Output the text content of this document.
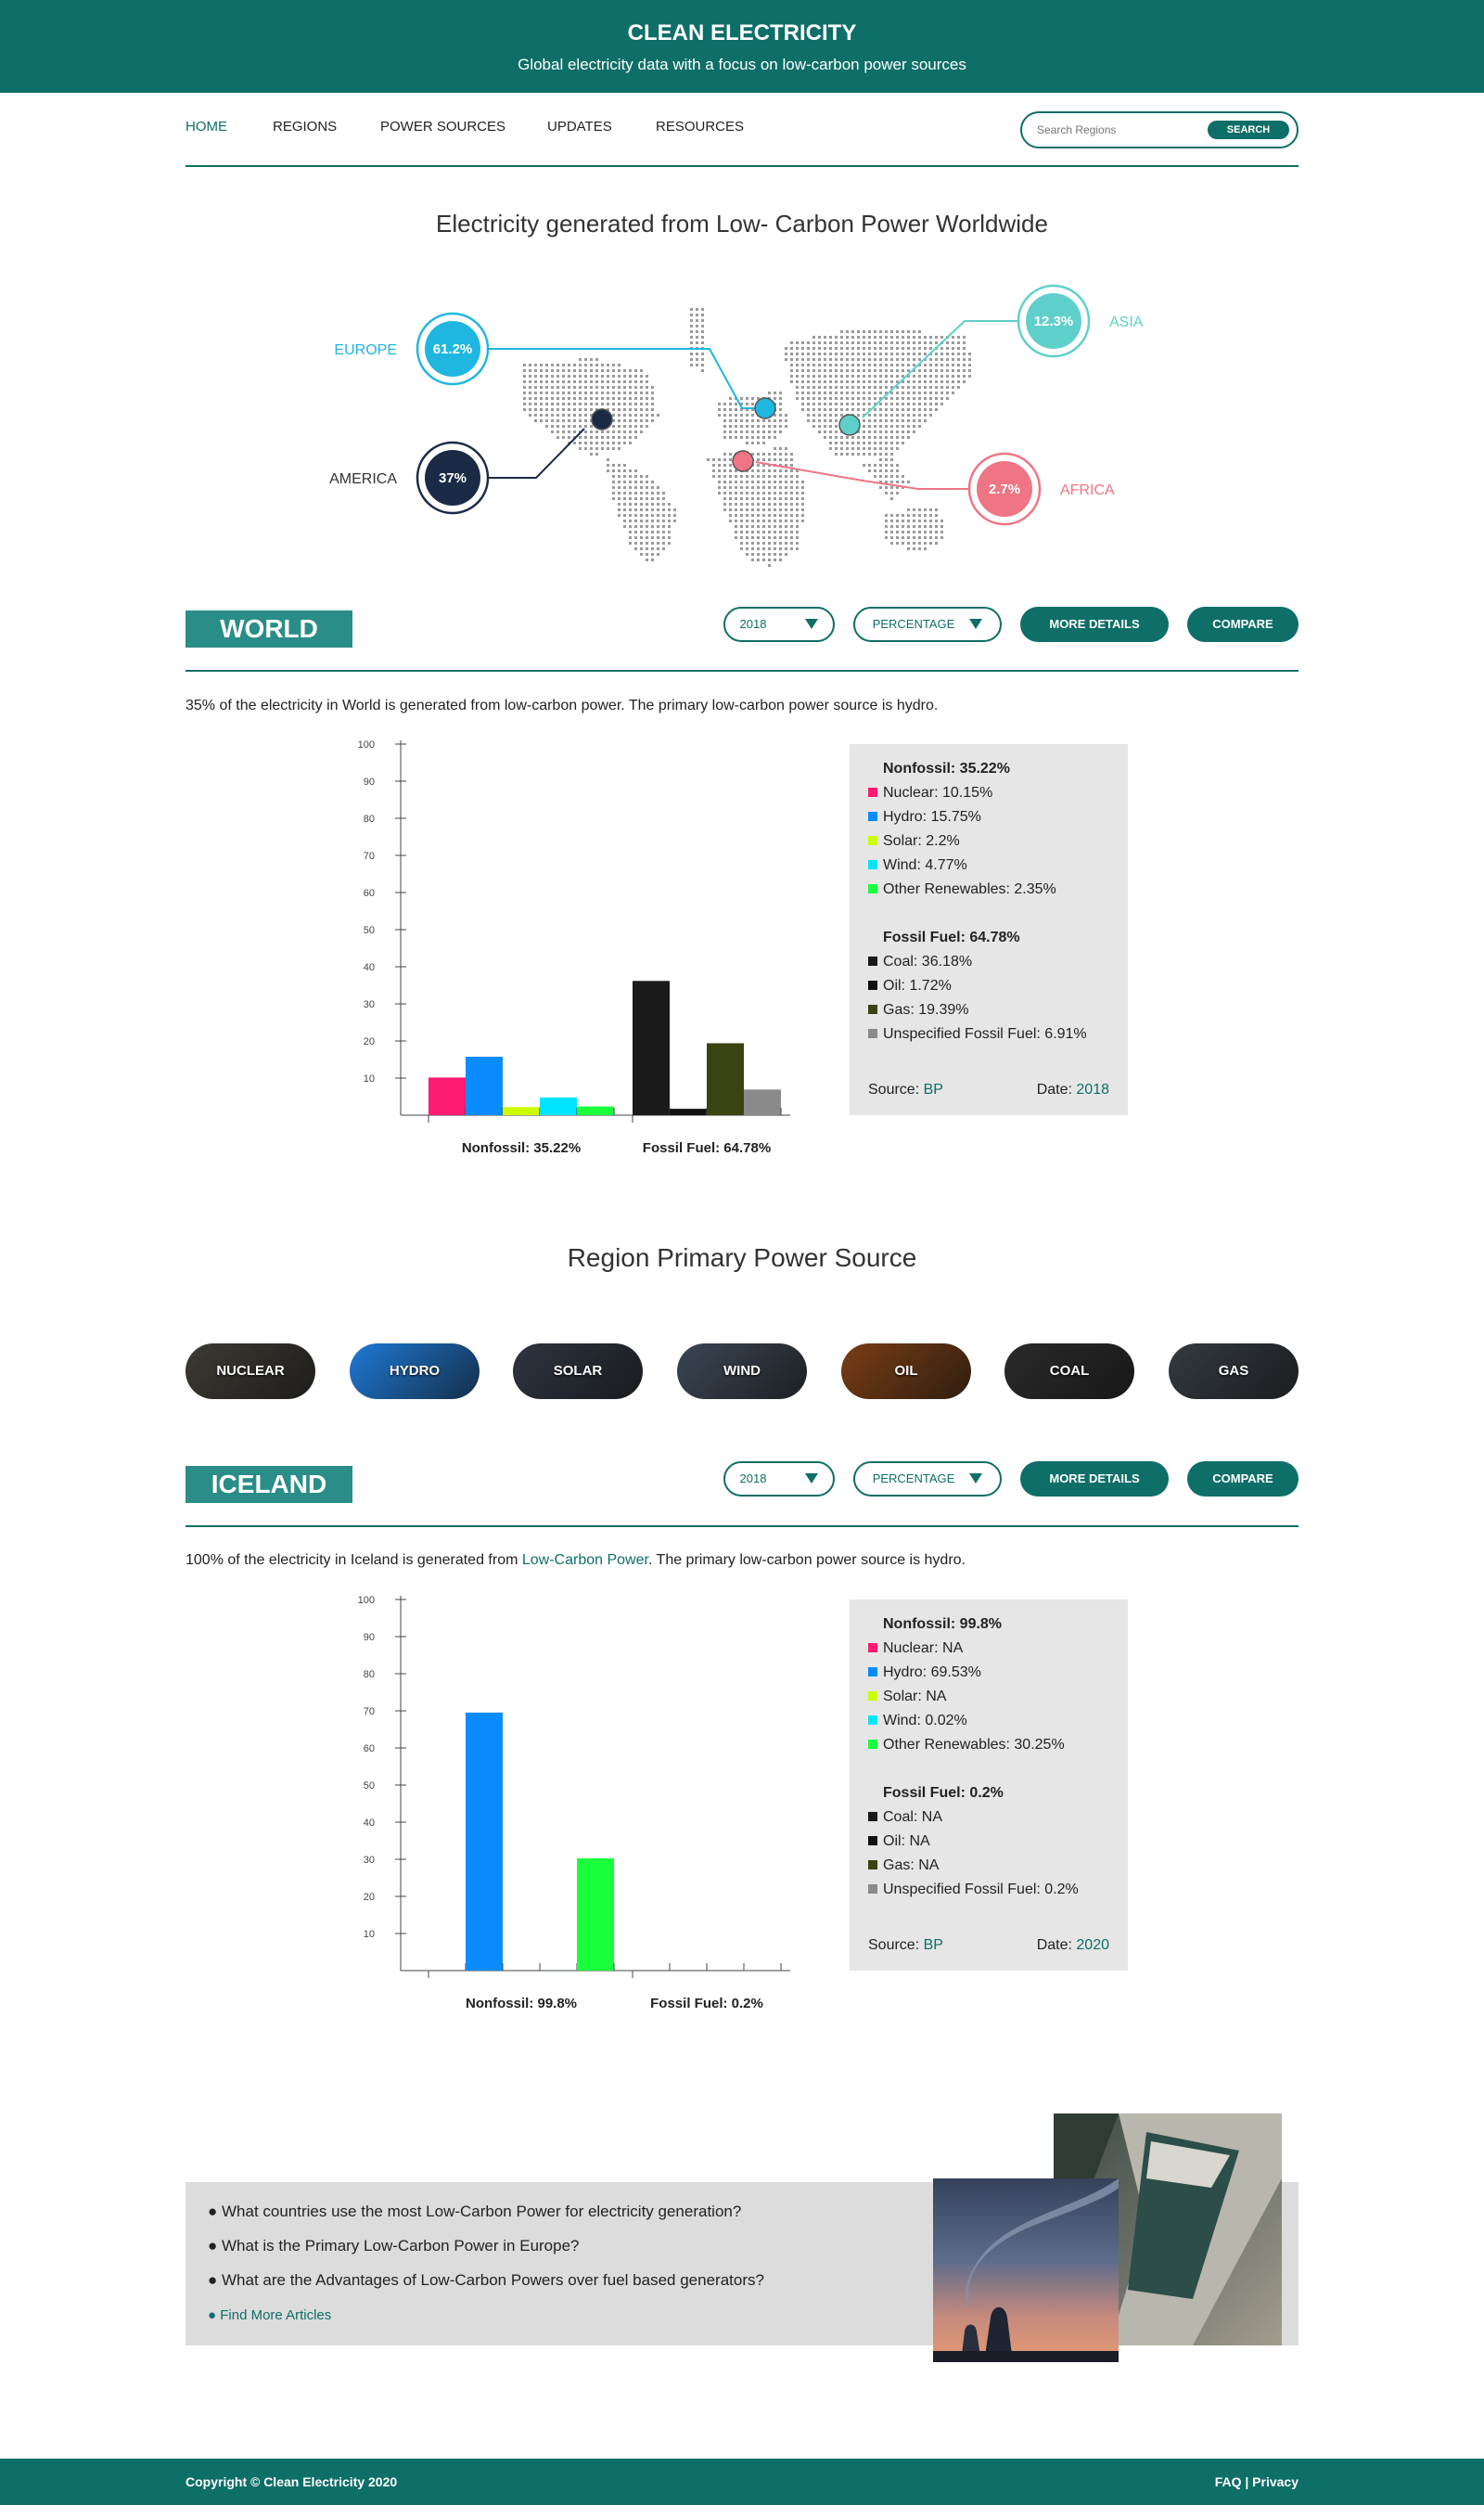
CLEAN ELECTRICITY
Global electricity data with a focus on low-carbon power sources
HOME	REGIONS	POWER SOURCES	UPDATES	RESOURCES
Search Regions	SEARCH
Electricity generated from Low- Carbon Power Worldwide
61.2%
EUROPE
37%
AMERICA
12.3% ASIA
2.7%	AFRICA
WORLD	2018	PERCENTAGE	MORE DETAILS	COMPARE
35% of the electricity in World is generated from low-carbon power. The primary low-carbon power source is hydro.
10
20
30
40
50
60
70
80
90
100
Nonfossil: 35.22%	Fossil Fuel: 64.78%
Nonfossil: 35.22%
Nuclear: 10.15%
Hydro: 15.75%
Solar: 2.2%
Wind: 4.77%
Other Renewables: 2.35%
Fossil Fuel: 64.78%
Coal: 36.18%
Oil: 1.72%
Gas: 19.39%
Unspecified Fossil Fuel: 6.91%
Source: BP	Date: 2018
Region Primary Power Source
NUCLEAR	HYDRO	SOLAR	WIND	OIL	COAL	GAS
ICELAND	2018	PERCENTAGE	MORE DETAILS	COMPARE
100% of the electricity in Iceland is generated from Low-Carbon Power. The primary low-carbon power source is hydro.
10
20
30
40
50
60
70
80
90
100
Nonfossil: 99.8%	Fossil Fuel: 0.2%
Nonfossil: 99.8%
Nuclear: NA
Hydro: 69.53%
Solar: NA
Wind: 0.02%
Other Renewables: 30.25%
Fossil Fuel: 0.2%
Coal: NA
Oil: NA
Gas: NA
Unspecified Fossil Fuel: 0.2%
Source: BP	Date: 2020
● What countries use the most Low-Carbon Power for electricity generation?
● What is the Primary Low-Carbon Power in Europe?
● What are the Advantages of Low-Carbon Powers over fuel based generators?
● Find More Articles
Copyright © Clean Electricity 2020	FAQ | Privacy
